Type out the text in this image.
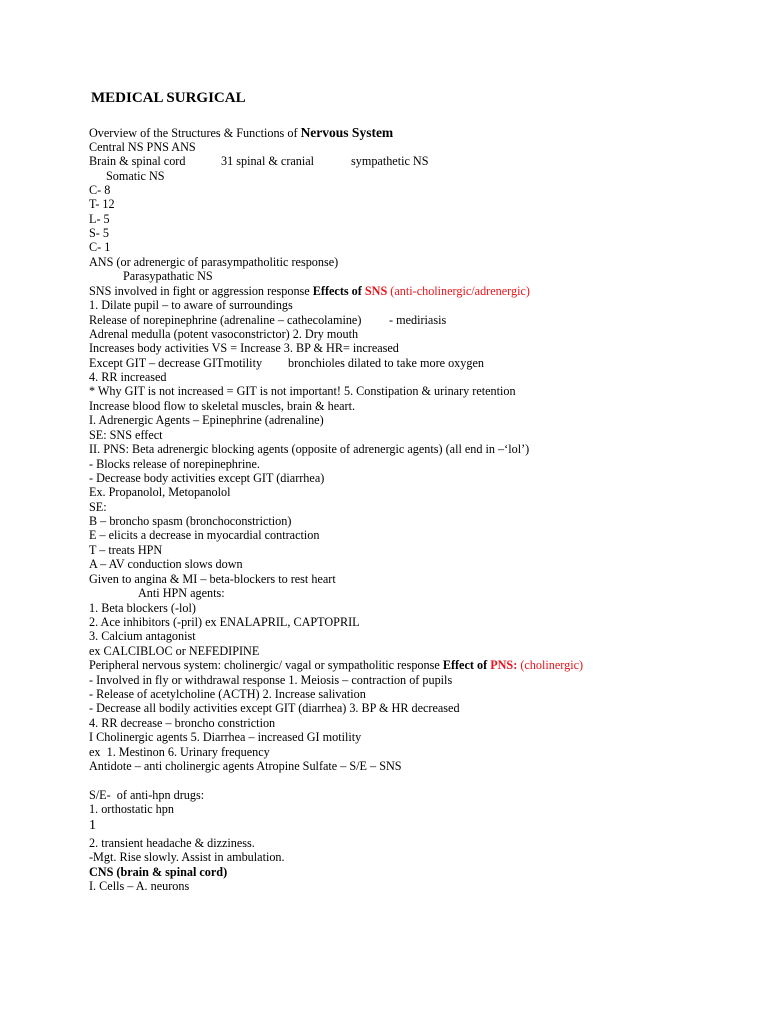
MEDICAL SURGICAL
Overview of the Structures & Functions of Nervous System
Central NS PNS ANS
Brain & spinal cord	31 spinal & cranial	sympathetic NS
Somatic NS
C- 8
T- 12
L- 5
S- 5
C- 1
ANS (or adrenergic of parasympatholitic response)
Parasypathatic NS
SNS involved in fight or aggression response Effects of SNS (anti-cholinergic/adrenergic)
1. Dilate pupil – to aware of surroundings
Release of norepinephrine (adrenaline – cathecolamine) - mediriasis
Adrenal medulla (potent vasoconstrictor) 2. Dry mouth
Increases body activities VS = Increase 3. BP & HR= increased
Except GIT – decrease GITmotility bronchioles dilated to take more oxygen
4. RR increased
* Why GIT is not increased = GIT is not important! 5. Constipation & urinary retention
Increase blood flow to skeletal muscles, brain & heart.
I. Adrenergic Agents – Epinephrine (adrenaline)
SE: SNS effect
II. PNS: Beta adrenergic blocking agents (opposite of adrenergic agents) (all end in –‘lol’)
- Blocks release of norepinephrine.
- Decrease body activities except GIT (diarrhea)
Ex. Propanolol, Metopanolol
SE:
B – broncho spasm (bronchoconstriction)
E – elicits a decrease in myocardial contraction
T – treats HPN
A – AV conduction slows down
Given to angina & MI – beta-blockers to rest heart
Anti HPN agents:
1. Beta blockers (-lol)
2. Ace inhibitors (-pril) ex ENALAPRIL, CAPTOPRIL
3. Calcium antagonist
ex CALCIBLOC or NEFEDIPINE
Peripheral nervous system: cholinergic/ vagal or sympatholitic response Effect of PNS: (cholinergic)
- Involved in fly or withdrawal response 1. Meiosis – contraction of pupils
- Release of acetylcholine (ACTH) 2. Increase salivation
- Decrease all bodily activities except GIT (diarrhea) 3. BP & HR decreased
4. RR decrease – broncho constriction
I Cholinergic agents 5. Diarrhea – increased GI motility
ex  1. Mestinon 6. Urinary frequency
Antidote – anti cholinergic agents Atropine Sulfate – S/E – SNS
S/E-  of anti-hpn drugs:
1. orthostatic hpn
1
2. transient headache & dizziness.
-Mgt. Rise slowly. Assist in ambulation.
CNS (brain & spinal cord)
I. Cells – A. neurons
